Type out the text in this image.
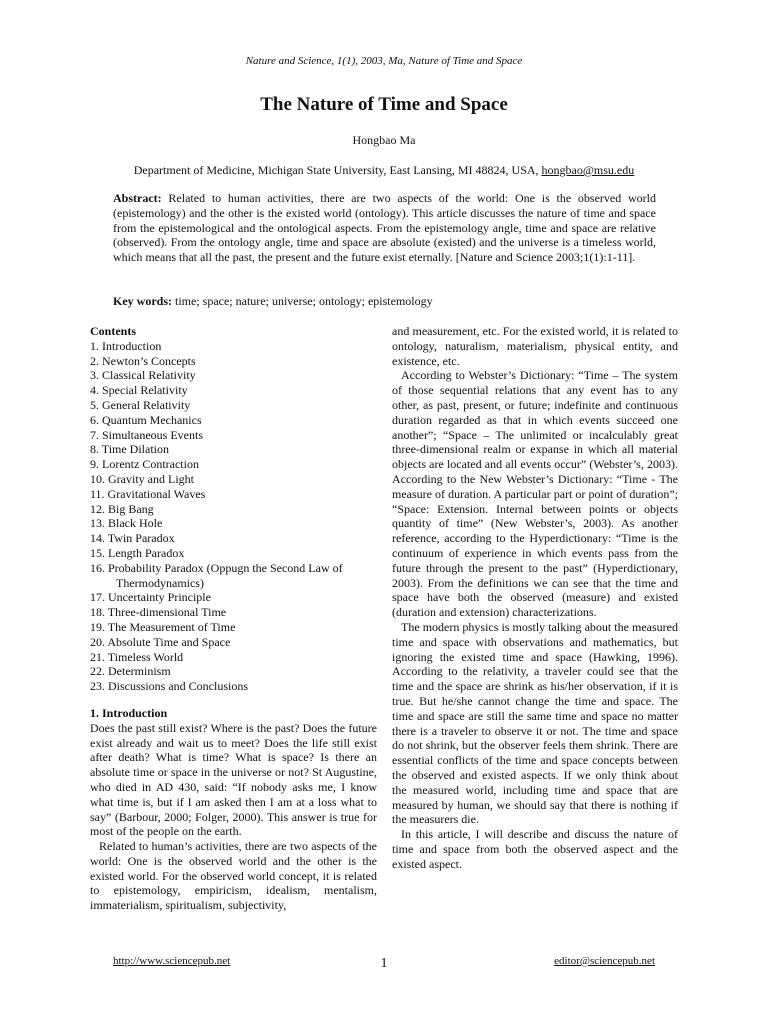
Nature and Science, 1(1), 2003, Ma, Nature of Time and Space
The Nature of Time and Space
Hongbao Ma
Department of Medicine, Michigan State University, East Lansing, MI 48824, USA, hongbao@msu.edu
Abstract: Related to human activities, there are two aspects of the world: One is the observed world (epistemology) and the other is the existed world (ontology). This article discusses the nature of time and space from the epistemological and the ontological aspects. From the epistemology angle, time and space are relative (observed). From the ontology angle, time and space are absolute (existed) and the universe is a timeless world, which means that all the past, the present and the future exist eternally. [Nature and Science 2003;1(1):1-11].
Key words: time; space; nature; universe; ontology; epistemology
Contents
1. Introduction
2. Newton’s Concepts
3. Classical Relativity
4. Special Relativity
5. General Relativity
6. Quantum Mechanics
7. Simultaneous Events
8. Time Dilation
9. Lorentz Contraction
10. Gravity and Light
11. Gravitational Waves
12. Big Bang
13. Black Hole
14. Twin Paradox
15. Length Paradox
16. Probability Paradox (Oppugn the Second Law of
Thermodynamics)
17. Uncertainty Principle
18. Three-dimensional Time
19. The Measurement of Time
20. Absolute Time and Space
21. Timeless World
22. Determinism
23. Discussions and Conclusions
1. Introduction

Does the past still exist? Where is the past? Does the future exist already and wait us to meet? Does the life still exist after death? What is time? What is space? Is there an absolute time or space in the universe or not? St Augustine, who died in AD 430, said: “If nobody asks me, I know what time is, but if I am asked then I am at a loss what to say” (Barbour, 2000; Folger, 2000). This answer is true for most of the people on the earth.

Related to human’s activities, there are two aspects of the world: One is the observed world and the other is the existed world. For the observed world concept, it is related to epistemology, empiricism, idealism, mentalism, immaterialism, spiritualism, subjectivity,

and measurement, etc. For the existed world, it is related to ontology, naturalism, materialism, physical entity, and existence, etc.

According to Webster’s Dictionary: “Time – The system of those sequential relations that any event has to any other, as past, present, or future; indefinite and continuous duration regarded as that in which events succeed one another”; “Space – The unlimited or incalculably great three-dimensional realm or expanse in which all material objects are located and all events occur” (Webster’s, 2003). According to the New Webster’s Dictionary: “Time - The measure of duration. A particular part or point of duration”; “Space: Extension. Internal between points or objects quantity of time” (New Webster’s, 2003). As another reference, according to the Hyperdictionary: “Time is the continuum of experience in which events pass from the future through the present to the past” (Hyperdictionary, 2003). From the definitions we can see that the time and space have both the observed (measure) and existed (duration and extension) characterizations.

The modern physics is mostly talking about the measured time and space with observations and mathematics, but ignoring the existed time and space (Hawking, 1996). According to the relativity, a traveler could see that the time and the space are shrink as his/her observation, if it is true. But he/she cannot change the time and space. The time and space are still the same time and space no matter there is a traveler to observe it or not. The time and space do not shrink, but the observer feels them shrink. There are essential conflicts of the time and space concepts between the observed and existed aspects. If we only think about the measured world, including time and space that are measured by human, we should say that there is nothing if the measurers die.

In this article, I will describe and discuss the nature of time and space from both the observed aspect and the existed aspect.

http://www.sciencepub.net	1	editor@sciencepub.net
